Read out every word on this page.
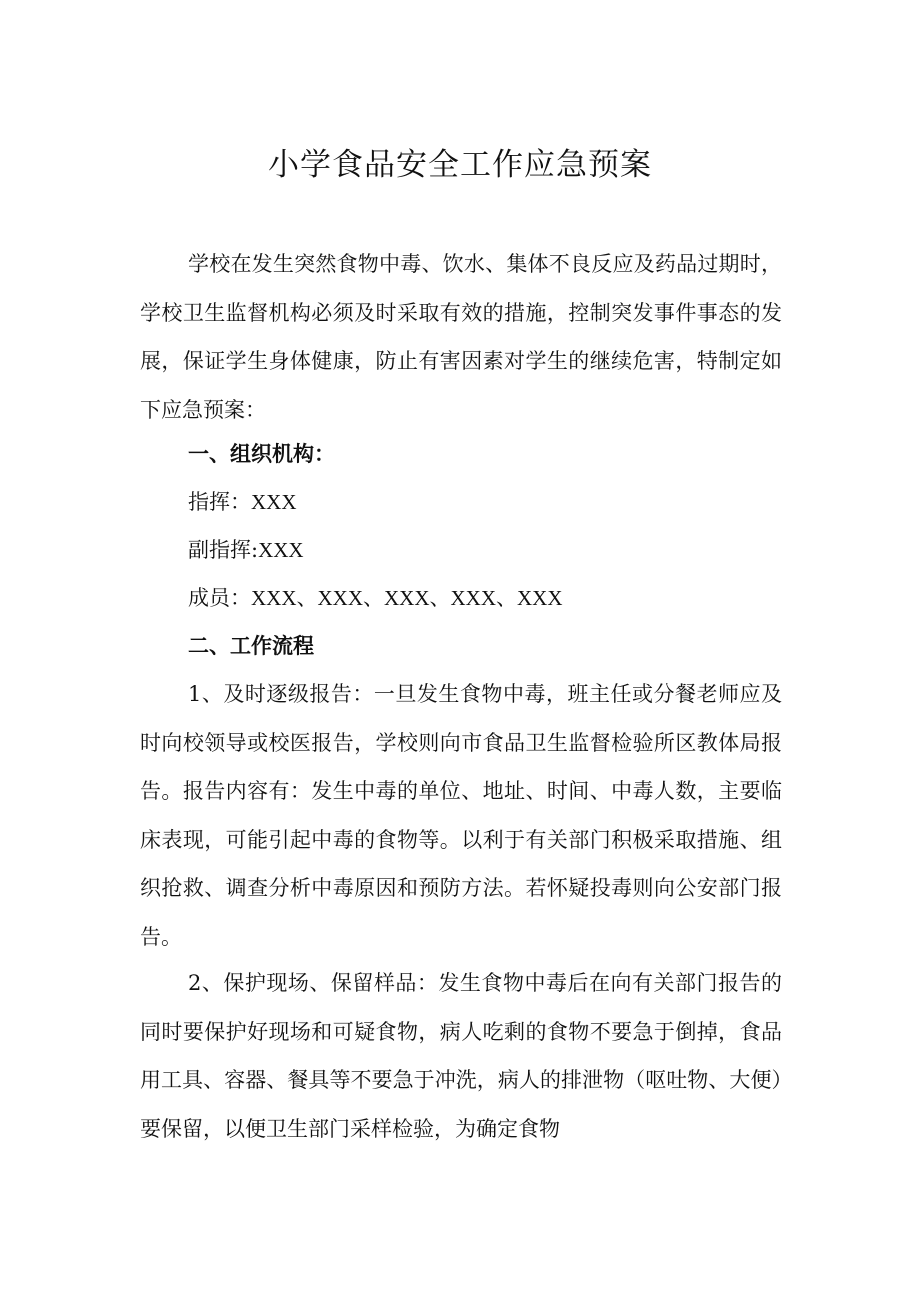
小学食品安全工作应急预案

学校在发生突然食物中毒、饮水、集体不良反应及药品过期时，学校卫生监督机构必须及时采取有效的措施，控制突发事件事态的发展，保证学生身体健康，防止有害因素对学生的继续危害，特制定如下应急预案：

一、组织机构：

指挥：XXX

副指挥:XXX

成员：XXX、XXX、XXX、XXX、XXX

二、工作流程

1、及时逐级报告：一旦发生食物中毒，班主任或分餐老师应及时向校领导或校医报告，学校则向市食品卫生监督检验所区教体局报告。报告内容有：发生中毒的单位、地址、时间、中毒人数，主要临床表现，可能引起中毒的食物等。以利于有关部门积极采取措施、组织抢救、调查分析中毒原因和预防方法。若怀疑投毒则向公安部门报告。

2、保护现场、保留样品：发生食物中毒后在向有关部门报告的同时要保护好现场和可疑食物，病人吃剩的食物不要急于倒掉，食品用工具、容器、餐具等不要急于冲洗，病人的排泄物（呕吐物、大便）要保留，以便卫生部门采样检验，为确定食物
